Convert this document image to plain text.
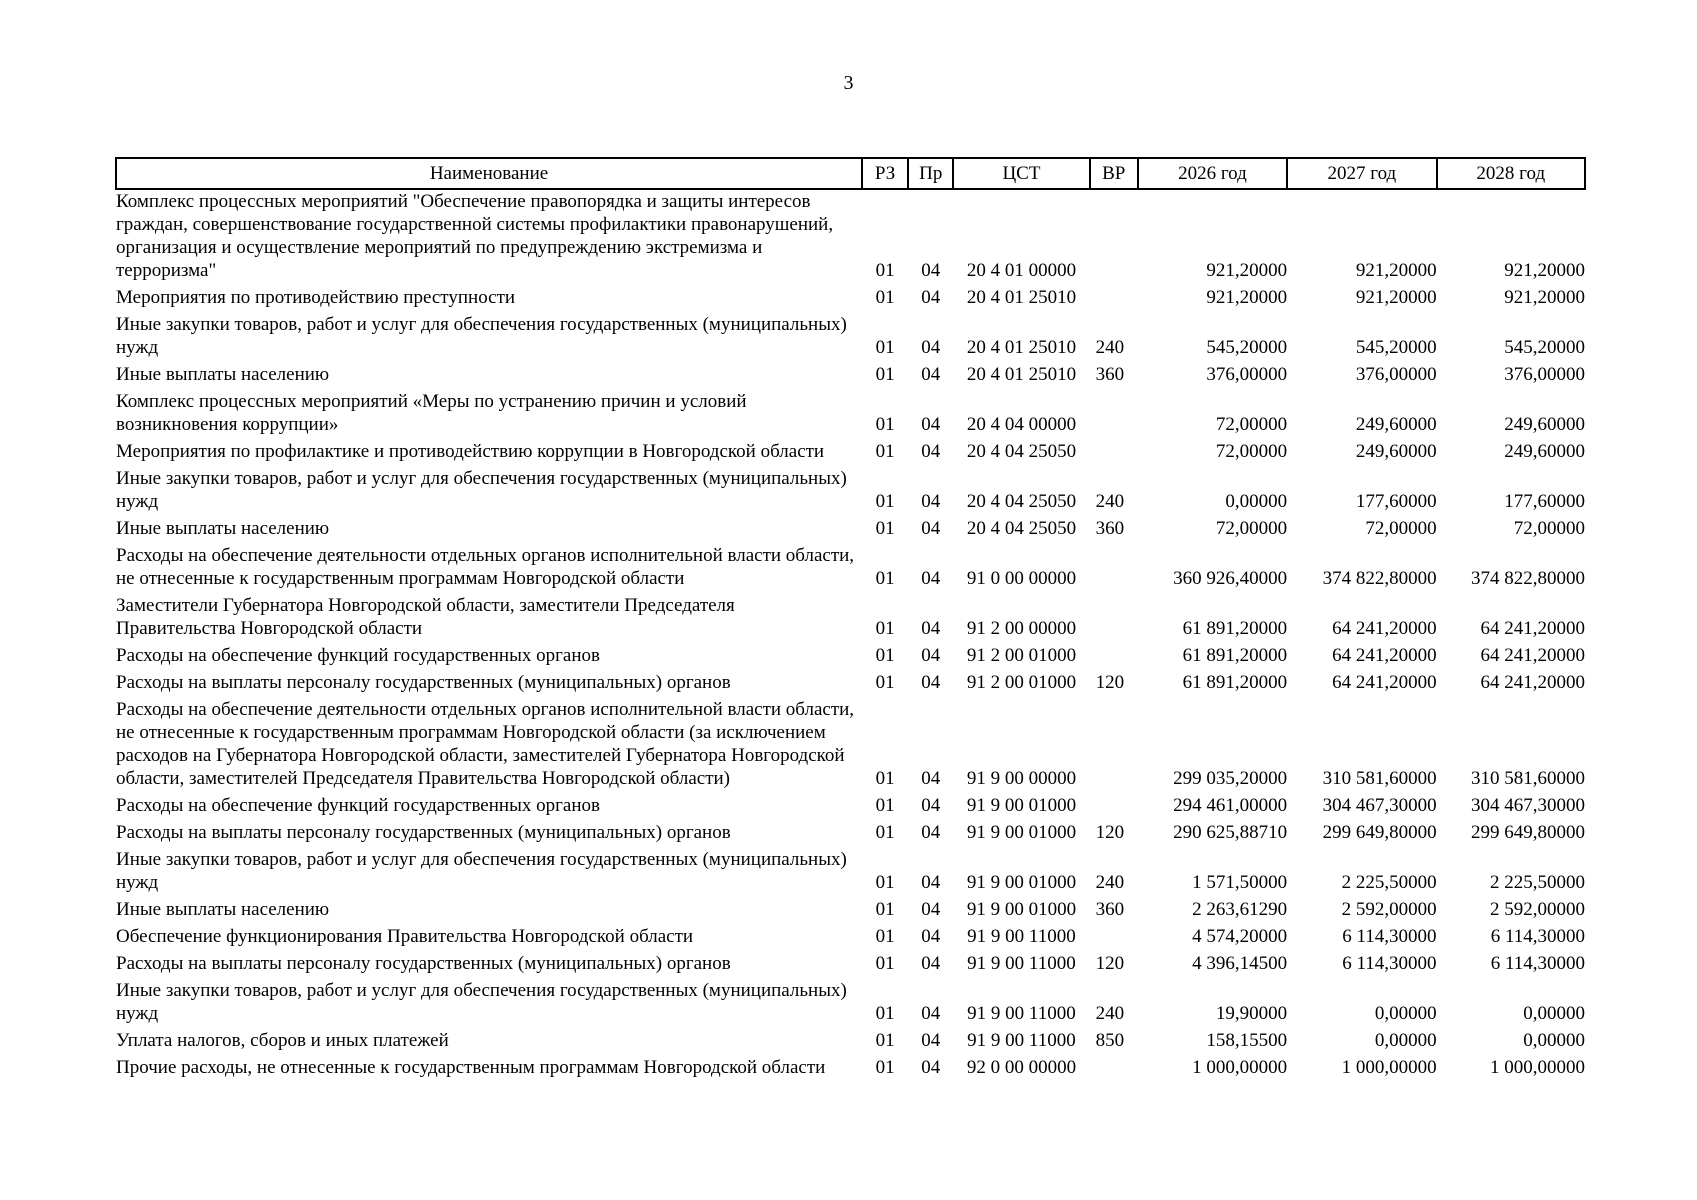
3
Наименование	РЗ	Пр	ЦСТ	ВР	2026 год	2027 год	2028 год
Комплекс процессных мероприятий "Обеспечение правопорядка и защиты интересов граждан, совершенствование государственной системы профилактики правонарушений, организация и осуществление мероприятий по предупреждению экстремизма и терроризма"	01	04	20 4 01 00000		921,20000	921,20000	921,20000
Мероприятия по противодействию преступности	01	04	20 4 01 25010		921,20000	921,20000	921,20000
Иные закупки товаров, работ и услуг для обеспечения государственных (муниципальных) нужд	01	04	20 4 01 25010	240	545,20000	545,20000	545,20000
Иные выплаты населению	01	04	20 4 01 25010	360	376,00000	376,00000	376,00000
Комплекс процессных мероприятий «Меры по устранению причин и условий возникновения коррупции»	01	04	20 4 04 00000		72,00000	249,60000	249,60000
Мероприятия по профилактике и противодействию коррупции в Новгородской области	01	04	20 4 04 25050		72,00000	249,60000	249,60000
Иные закупки товаров, работ и услуг для обеспечения государственных (муниципальных) нужд	01	04	20 4 04 25050	240	0,00000	177,60000	177,60000
Иные выплаты населению	01	04	20 4 04 25050	360	72,00000	72,00000	72,00000
Расходы на обеспечение деятельности отдельных органов исполнительной власти области, не отнесенные к государственным программам Новгородской области	01	04	91 0 00 00000		360 926,40000	374 822,80000	374 822,80000
Заместители Губернатора Новгородской области, заместители Председателя Правительства Новгородской области	01	04	91 2 00 00000		61 891,20000	64 241,20000	64 241,20000
Расходы на обеспечение функций государственных органов	01	04	91 2 00 01000		61 891,20000	64 241,20000	64 241,20000
Расходы на выплаты персоналу государственных (муниципальных) органов	01	04	91 2 00 01000	120	61 891,20000	64 241,20000	64 241,20000
Расходы на обеспечение деятельности отдельных органов исполнительной власти области, не отнесенные к государственным программам Новгородской области (за исключением расходов на Губернатора Новгородской области, заместителей Губернатора Новгородской области, заместителей Председателя Правительства Новгородской области)	01	04	91 9 00 00000		299 035,20000	310 581,60000	310 581,60000
Расходы на обеспечение функций государственных органов	01	04	91 9 00 01000		294 461,00000	304 467,30000	304 467,30000
Расходы на выплаты персоналу государственных (муниципальных) органов	01	04	91 9 00 01000	120	290 625,88710	299 649,80000	299 649,80000
Иные закупки товаров, работ и услуг для обеспечения государственных (муниципальных) нужд	01	04	91 9 00 01000	240	1 571,50000	2 225,50000	2 225,50000
Иные выплаты населению	01	04	91 9 00 01000	360	2 263,61290	2 592,00000	2 592,00000
Обеспечение функционирования Правительства Новгородской области	01	04	91 9 00 11000		4 574,20000	6 114,30000	6 114,30000
Расходы на выплаты персоналу государственных (муниципальных) органов	01	04	91 9 00 11000	120	4 396,14500	6 114,30000	6 114,30000
Иные закупки товаров, работ и услуг для обеспечения государственных (муниципальных) нужд	01	04	91 9 00 11000	240	19,90000	0,00000	0,00000
Уплата налогов, сборов и иных платежей	01	04	91 9 00 11000	850	158,15500	0,00000	0,00000
Прочие расходы, не отнесенные к государственным программам Новгородской области	01	04	92 0 00 00000		1 000,00000	1 000,00000	1 000,00000
